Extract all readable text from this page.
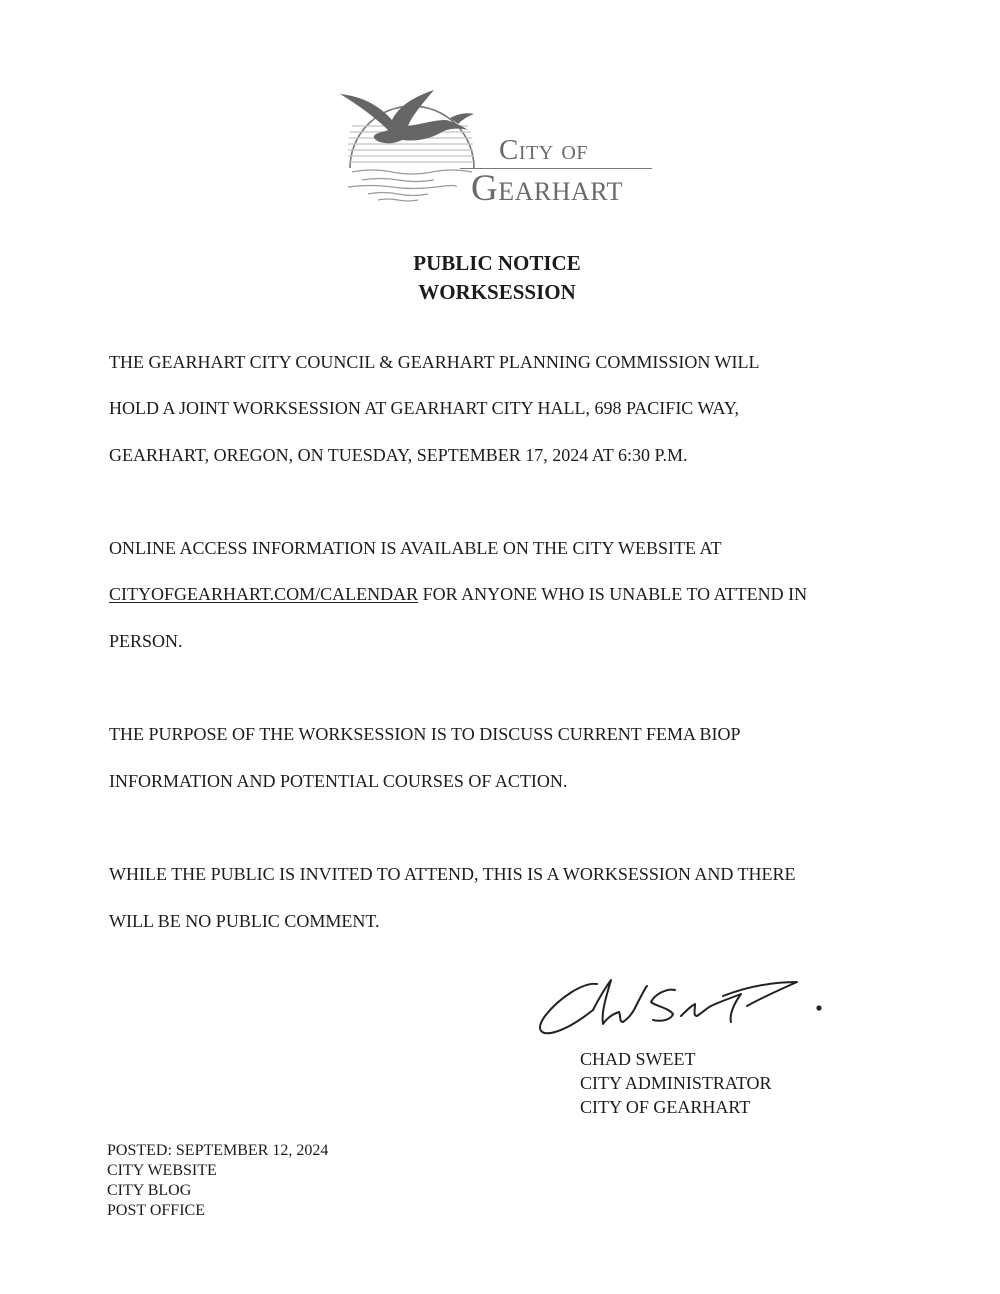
City of
Gearhart
PUBLIC NOTICE
WORKSESSION
THE GEARHART CITY COUNCIL & GEARHART PLANNING COMMISSION WILL
HOLD A JOINT WORKSESSION AT GEARHART CITY HALL, 698 PACIFIC WAY,
GEARHART, OREGON, ON TUESDAY, SEPTEMBER 17, 2024 AT 6:30 P.M.
ONLINE ACCESS INFORMATION IS AVAILABLE ON THE CITY WEBSITE AT
CITYOFGEARHART.COM/CALENDAR FOR ANYONE WHO IS UNABLE TO ATTEND IN
PERSON.
THE PURPOSE OF THE WORKSESSION IS TO DISCUSS CURRENT FEMA BIOP
INFORMATION AND POTENTIAL COURSES OF ACTION.
WHILE THE PUBLIC IS INVITED TO ATTEND, THIS IS A WORKSESSION AND THERE
WILL BE NO PUBLIC COMMENT.
CHAD SWEET
CITY ADMINISTRATOR
CITY OF GEARHART
POSTED: SEPTEMBER 12, 2024
CITY WEBSITE
CITY BLOG
POST OFFICE
